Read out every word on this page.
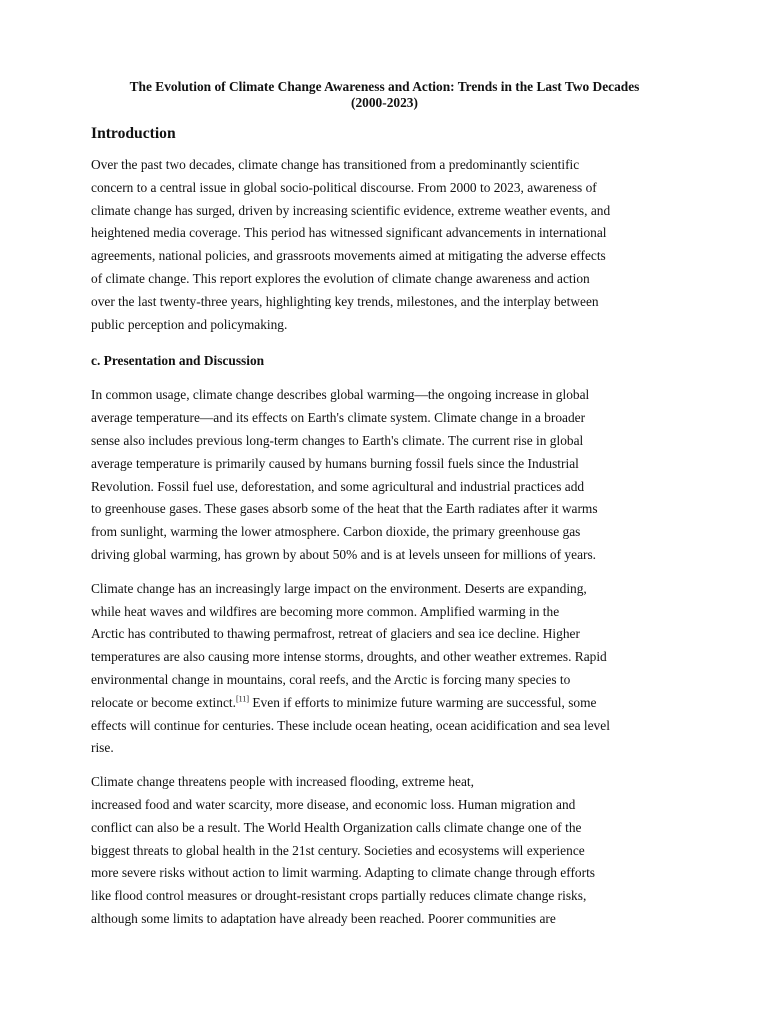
The Evolution of Climate Change Awareness and Action: Trends in the Last Two Decades
(2000-2023)
Introduction

Over the past two decades, climate change has transitioned from a predominantly scientific
concern to a central issue in global socio-political discourse. From 2000 to 2023, awareness of
climate change has surged, driven by increasing scientific evidence, extreme weather events, and
heightened media coverage. This period has witnessed significant advancements in international
agreements, national policies, and grassroots movements aimed at mitigating the adverse effects
of climate change. This report explores the evolution of climate change awareness and action
over the last twenty-three years, highlighting key trends, milestones, and the interplay between
public perception and policymaking.

c. Presentation and Discussion

In common usage, climate change describes global warming—the ongoing increase in global
average temperature—and its effects on Earth's climate system. Climate change in a broader
sense also includes previous long-term changes to Earth's climate. The current rise in global
average temperature is primarily caused by humans burning fossil fuels since the Industrial
Revolution. Fossil fuel use, deforestation, and some agricultural and industrial practices add
to greenhouse gases. These gases absorb some of the heat that the Earth radiates after it warms
from sunlight, warming the lower atmosphere. Carbon dioxide, the primary greenhouse gas
driving global warming, has grown by about 50% and is at levels unseen for millions of years.

Climate change has an increasingly large impact on the environment. Deserts are expanding,
while heat waves and wildfires are becoming more common. Amplified warming in the
Arctic has contributed to thawing permafrost, retreat of glaciers and sea ice decline. Higher
temperatures are also causing more intense storms, droughts, and other weather extremes. Rapid
environmental change in mountains, coral reefs, and the Arctic is forcing many species to
relocate or become extinct.[11] Even if efforts to minimize future warming are successful, some
effects will continue for centuries. These include ocean heating, ocean acidification and sea level
rise.

Climate change threatens people with increased flooding, extreme heat,
increased food and water scarcity, more disease, and economic loss. Human migration and
conflict can also be a result. The World Health Organization calls climate change one of the
biggest threats to global health in the 21st century. Societies and ecosystems will experience
more severe risks without action to limit warming. Adapting to climate change through efforts
like flood control measures or drought-resistant crops partially reduces climate change risks,
although some limits to adaptation have already been reached. Poorer communities are
